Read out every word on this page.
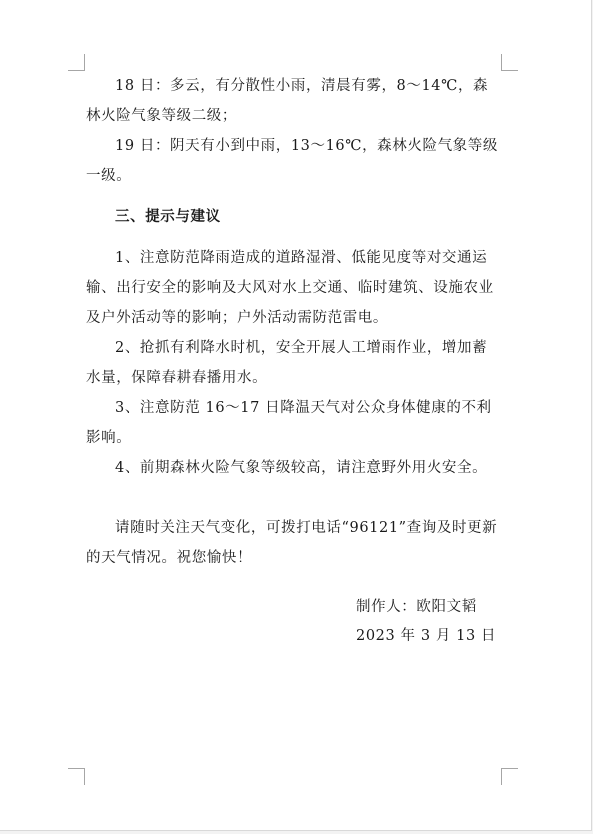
18 日：多云，有分散性小雨，清晨有雾，8～14℃，森林火险气象等级二级；

19 日：阴天有小到中雨，13～16℃，森林火险气象等级一级。

三、提示与建议

1、注意防范降雨造成的道路湿滑、低能见度等对交通运输、出行安全的影响及大风对水上交通、临时建筑、设施农业及户外活动等的影响；户外活动需防范雷电。

2、抢抓有利降水时机，安全开展人工增雨作业，增加蓄水量，保障春耕春播用水。

3、注意防范 16～17 日降温天气对公众身体健康的不利影响。

4、前期森林火险气象等级较高，请注意野外用火安全。

请随时关注天气变化，可拨打电话“96121”查询及时更新的天气情况。祝您愉快！

制作人：欧阳文韬
2023 年 3 月 13 日
